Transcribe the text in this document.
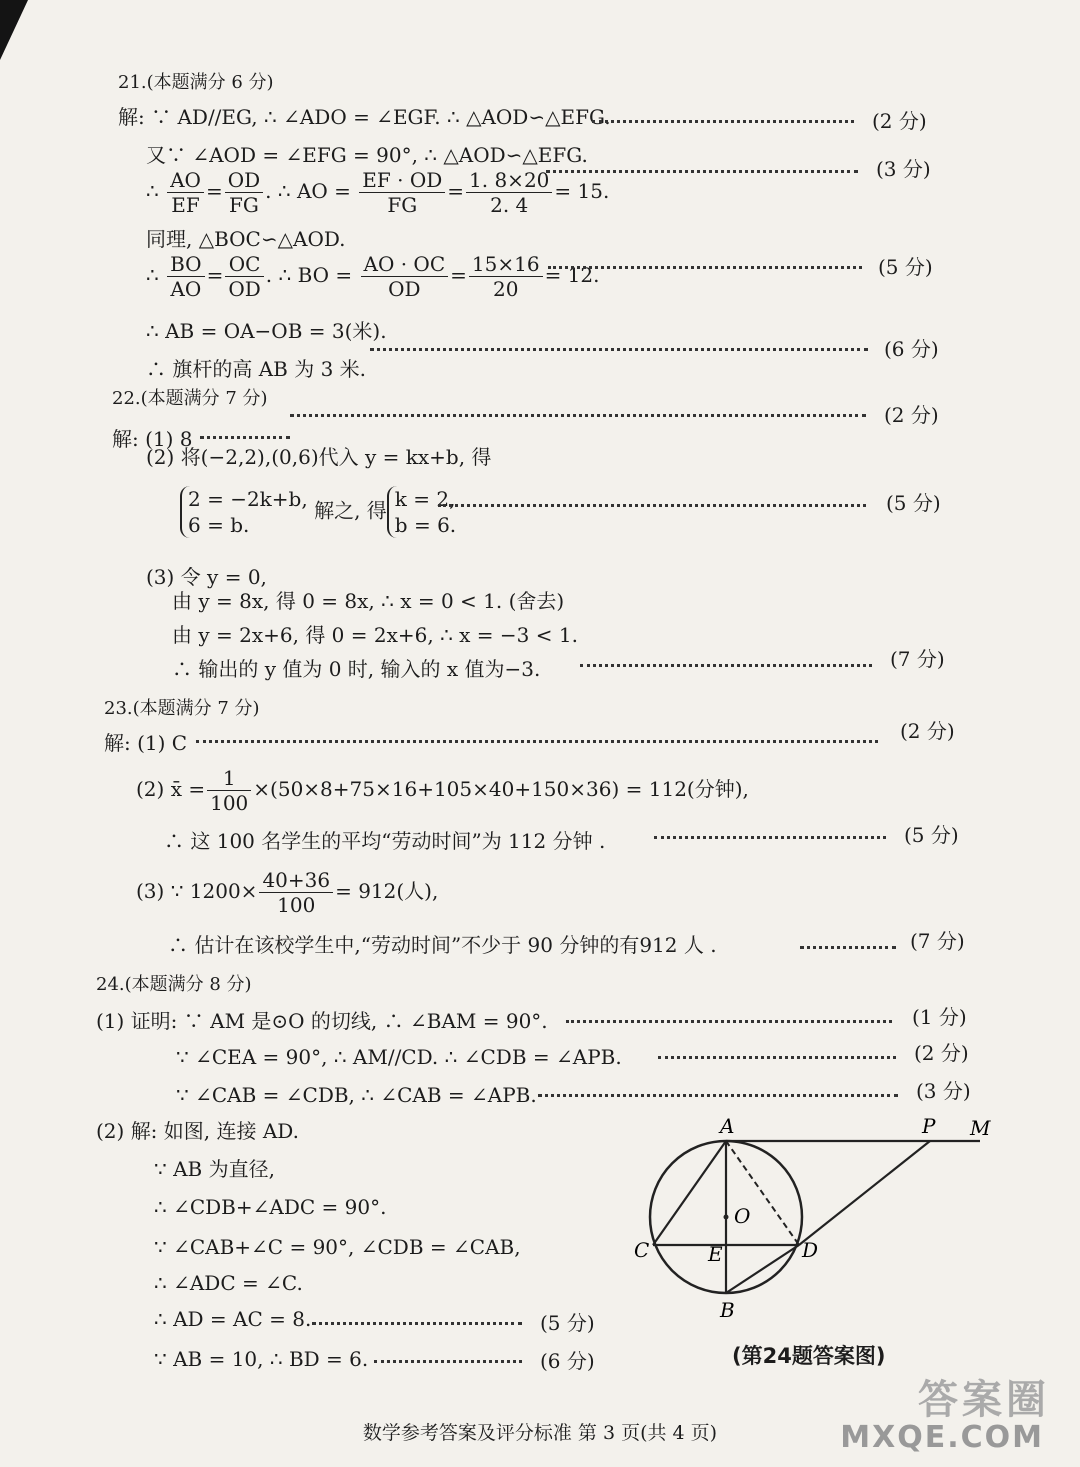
21.(本题满分 6 分)
解: ∵ AD//EG, ∴ ∠ADO = ∠EGF. ∴ △AOD∽△EFG.	(2 分)
又∵ ∠AOD = ∠EFG = 90°, ∴ △AOD∽△EFG.
∴ $\frac{AO}{EF} = \frac{OD}{FG}$ . ∴ AO = $\frac{EF \cdot OD}{FG} = \frac{1. 8\times 20}{2. 4} = 15$.
(3 分)
同理, △BOC∽△AOD.
∴ $\frac{BO}{AO} = \frac{OC}{OD}$ . ∴ BO = $\frac{AO \cdot OC}{OD} = \frac{15\times 16}{20} = 12$.	(5 分)
∴ AB = OA−OB = 3(米).
∴ 旗杆的高 AB 为 3 米.
(6 分)
22.(本题满分 7 分)
(2 分)
解: (1) 8
(2) 将(−2,2),(0,6)代入 y = kx+b, 得
2 = −2k+b,
6 = b.
解之, 得 k = 2,
b = 6.
(5 分)
(3) 令 y = 0,
由 y = 8x, 得 0 = 8x, ∴ x = 0 < 1. (舍去)
由 y = 2x+6, 得 0 = 2x+6, ∴ x = −3 < 1.
∴ 输出的 y 值为 0 时, 输入的 x 值为−3.	(7 分)
23.(本题满分 7 分)
解: (1) C	(2 分)
(2) x̄ = $\frac{1}{100} \times(50\times 8+75\times 16+105\times 40+150\times 36) = 112$(分钟),
∴ 这 100 名学生的平均“劳动时间”为 112 分钟 .	(5 分)
(3) ∵ $1200\times \frac{40+36}{100} = 912$(人),
∴ 估计在该校学生中,“劳动时间”不少于 90 分钟的有912 人 .	(7 分)
24.(本题满分 8 分)
(1) 证明: ∵ AM 是⊙O 的切线, ∴ ∠BAM = 90°.	(1 分)
∵ ∠CEA = 90°, ∴ AM//CD. ∴ ∠CDB = ∠APB.	(2 分)
∵ ∠CAB = ∠CDB, ∴ ∠CAB = ∠APB.	(3 分)
(2) 解: 如图, 连接 AD.
∵ AB 为直径,
∴ ∠CDB+∠ADC = 90°.
∵ ∠CAB+∠C = 90°, ∠CDB = ∠CAB,
∴ ∠ADC = ∠C.
∴ AD = AC = 8.	(5 分)
∵ AB = 10, ∴ BD = 6.	(6 分)
A	P M
O
C	E	D
B
(第24题答案图)
数学参考答案及评分标准 第 3 页(共 4 页)
答案圈
MXQE.COM
